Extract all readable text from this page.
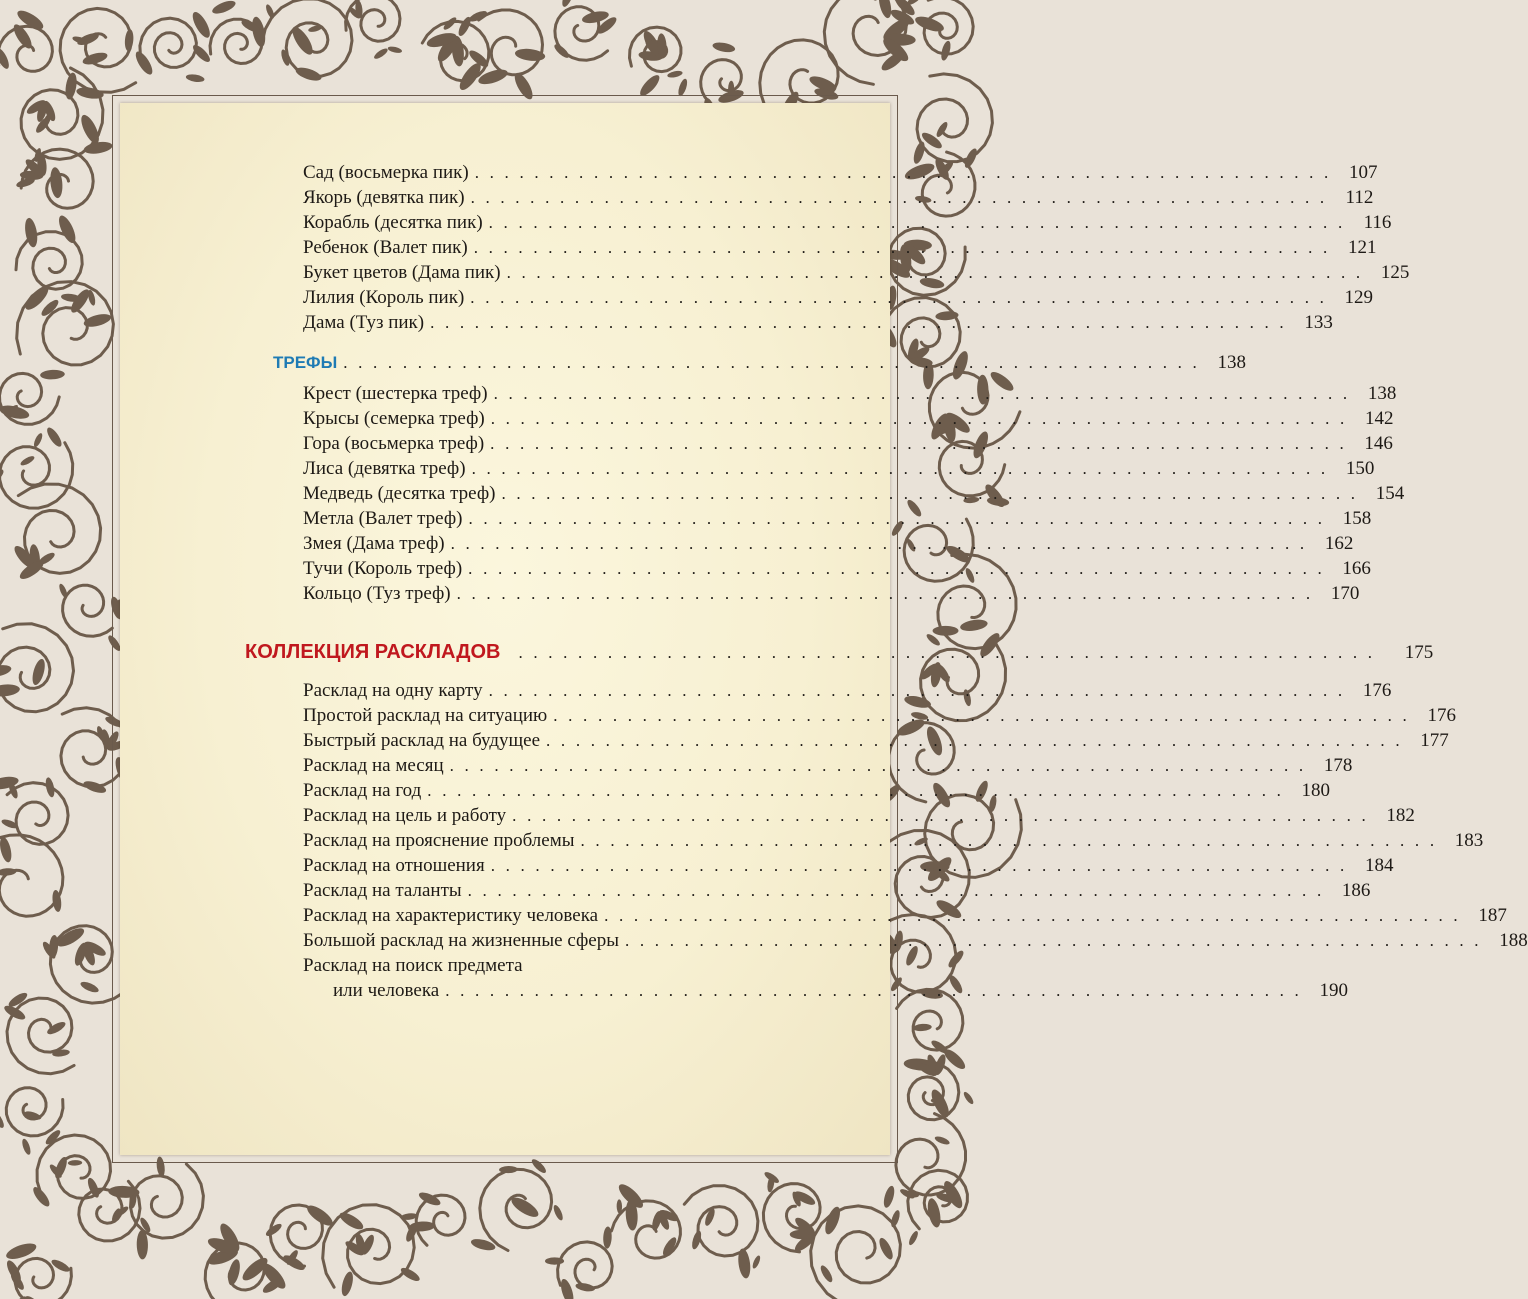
Сад (восьмерка пик) . . . . . . . . . . . . . . . . . . . . . . . . . . . . . . . . . . . . . . . . . . . . . . . . . . . . . . . . . . 107
Якорь (девятка пик) . . . . . . . . . . . . . . . . . . . . . . . . . . . . . . . . . . . . . . . . . . . . . . . . . . . . . . . . . . 112
Корабль (десятка пик) . . . . . . . . . . . . . . . . . . . . . . . . . . . . . . . . . . . . . . . . . . . . . . . . . . . . . . . . . . 116
Ребенок (Валет пик) . . . . . . . . . . . . . . . . . . . . . . . . . . . . . . . . . . . . . . . . . . . . . . . . . . . . . . . . . . 121
Букет цветов (Дама пик) . . . . . . . . . . . . . . . . . . . . . . . . . . . . . . . . . . . . . . . . . . . . . . . . . . . . . . . . . . 125
Лилия (Король пик) . . . . . . . . . . . . . . . . . . . . . . . . . . . . . . . . . . . . . . . . . . . . . . . . . . . . . . . . . . 129
Дама (Туз пик) . . . . . . . . . . . . . . . . . . . . . . . . . . . . . . . . . . . . . . . . . . . . . . . . . . . . . . . . . . 133
ТРЕФЫ . . . . . . . . . . . . . . . . . . . . . . . . . . . . . . . . . . . . . . . . . . . . . . . . . . . . . . . . . . 138
Крест (шестерка треф) . . . . . . . . . . . . . . . . . . . . . . . . . . . . . . . . . . . . . . . . . . . . . . . . . . . . . . . . . . 138
Крысы (семерка треф) . . . . . . . . . . . . . . . . . . . . . . . . . . . . . . . . . . . . . . . . . . . . . . . . . . . . . . . . . . 142
Гора (восьмерка треф) . . . . . . . . . . . . . . . . . . . . . . . . . . . . . . . . . . . . . . . . . . . . . . . . . . . . . . . . . . 146
Лиса (девятка треф) . . . . . . . . . . . . . . . . . . . . . . . . . . . . . . . . . . . . . . . . . . . . . . . . . . . . . . . . . . 150
Медведь (десятка треф) . . . . . . . . . . . . . . . . . . . . . . . . . . . . . . . . . . . . . . . . . . . . . . . . . . . . . . . . . . 154
Метла (Валет треф) . . . . . . . . . . . . . . . . . . . . . . . . . . . . . . . . . . . . . . . . . . . . . . . . . . . . . . . . . . 158
Змея (Дама треф) . . . . . . . . . . . . . . . . . . . . . . . . . . . . . . . . . . . . . . . . . . . . . . . . . . . . . . . . . . 162
Тучи (Король треф) . . . . . . . . . . . . . . . . . . . . . . . . . . . . . . . . . . . . . . . . . . . . . . . . . . . . . . . . . . 166
Кольцо (Туз треф) . . . . . . . . . . . . . . . . . . . . . . . . . . . . . . . . . . . . . . . . . . . . . . . . . . . . . . . . . . 170
КОЛЛЕКЦИЯ РАСКЛАДОВ . . . . . . . . . . . . . . . . . . . . . . . . . . . . . . . . . . . . . . . . . . . . . . . . . . . . . . . . . .	175
Расклад на одну карту . . . . . . . . . . . . . . . . . . . . . . . . . . . . . . . . . . . . . . . . . . . . . . . . . . . . . . . . . . 176
Простой расклад на ситуацию . . . . . . . . . . . . . . . . . . . . . . . . . . . . . . . . . . . . . . . . . . . . . . . . . . . . . . . . . . 176
Быстрый расклад на будущее . . . . . . . . . . . . . . . . . . . . . . . . . . . . . . . . . . . . . . . . . . . . . . . . . . . . . . . . . . 177
Расклад на месяц . . . . . . . . . . . . . . . . . . . . . . . . . . . . . . . . . . . . . . . . . . . . . . . . . . . . . . . . . . 178
Расклад на год . . . . . . . . . . . . . . . . . . . . . . . . . . . . . . . . . . . . . . . . . . . . . . . . . . . . . . . . . . 180
Расклад на цель и работу . . . . . . . . . . . . . . . . . . . . . . . . . . . . . . . . . . . . . . . . . . . . . . . . . . . . . . . . . . 182
Расклад на прояснение проблемы . . . . . . . . . . . . . . . . . . . . . . . . . . . . . . . . . . . . . . . . . . . . . . . . . . . . . . . . . . 183
Расклад на отношения . . . . . . . . . . . . . . . . . . . . . . . . . . . . . . . . . . . . . . . . . . . . . . . . . . . . . . . . . . 184
Расклад на таланты . . . . . . . . . . . . . . . . . . . . . . . . . . . . . . . . . . . . . . . . . . . . . . . . . . . . . . . . . . 186
Расклад на характеристику человека . . . . . . . . . . . . . . . . . . . . . . . . . . . . . . . . . . . . . . . . . . . . . . . . . . . . . . . . . . 187
Большой расклад на жизненные сферы . . . . . . . . . . . . . . . . . . . . . . . . . . . . . . . . . . . . . . . . . . . . . . . . . . . . . . . . . . 188
Расклад на поиск предмета
или человека . . . . . . . . . . . . . . . . . . . . . . . . . . . . . . . . . . . . . . . . . . . . . . . . . . . . . . . . . . 190
